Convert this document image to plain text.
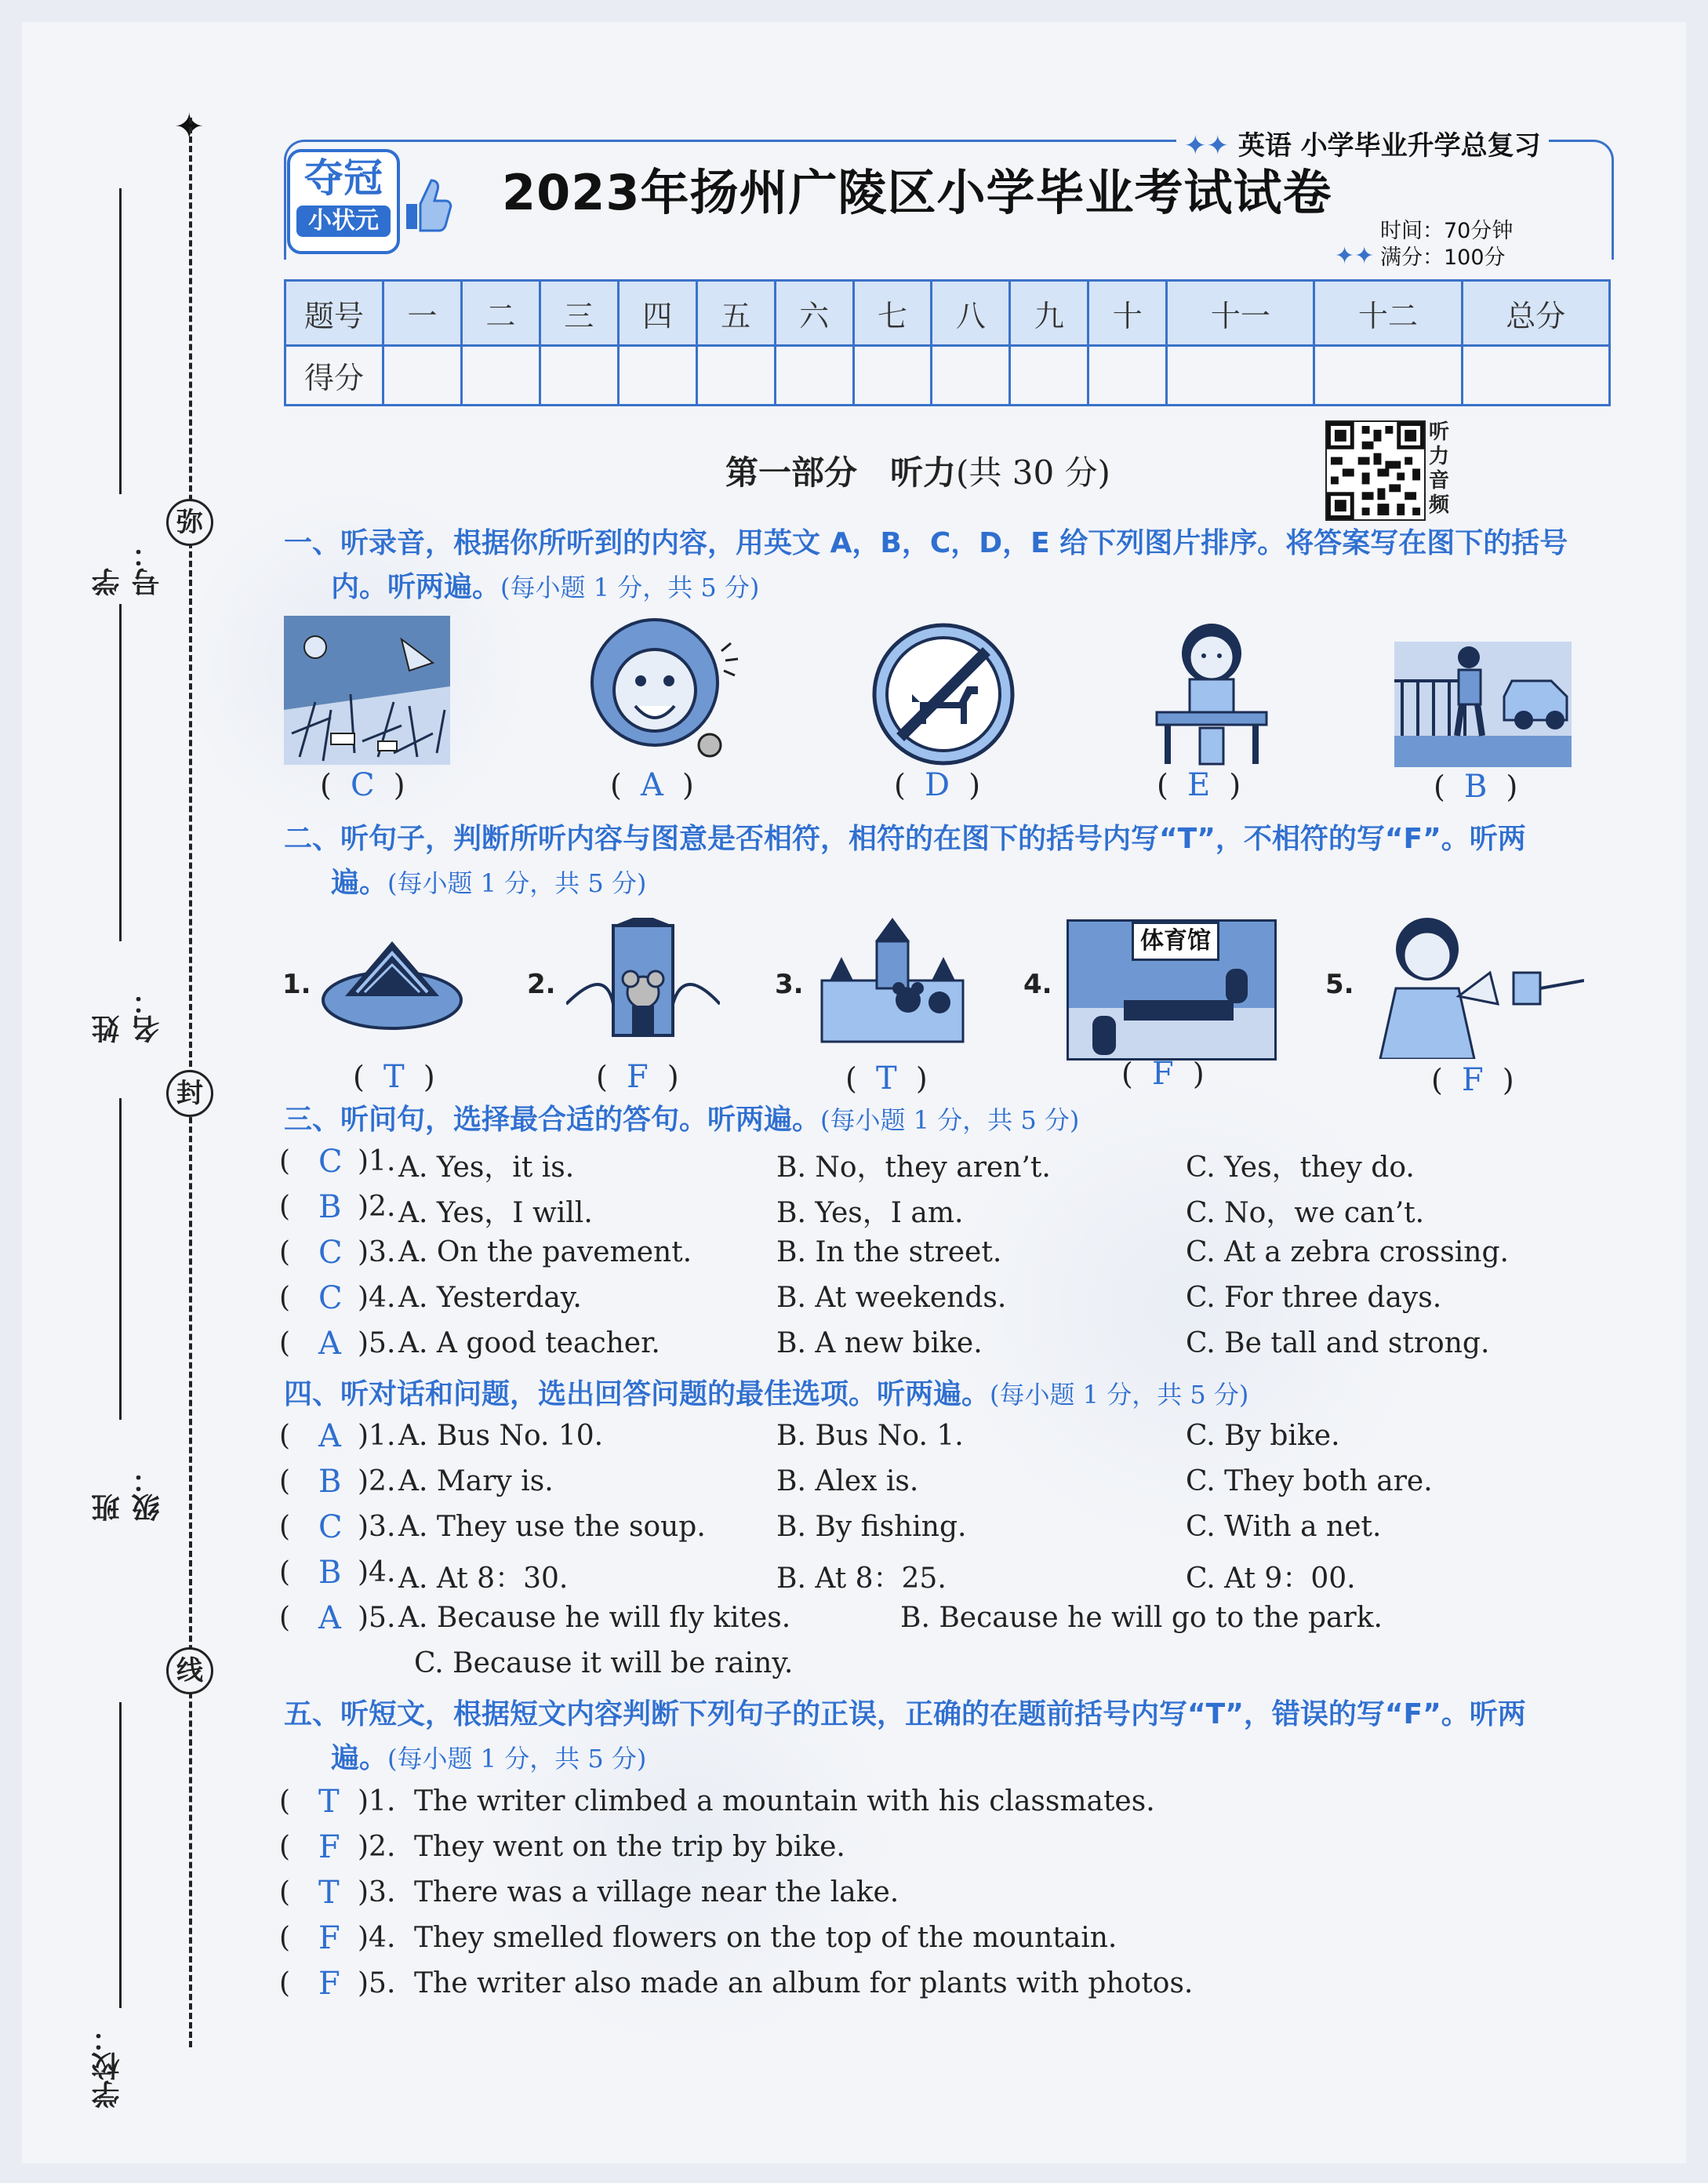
✦
弥
封
线
学号：
姓名：
班级：
学校：
✦✦ 英语 小学毕业升学总复习
夺冠
小状元	2023年扬州广陵区小学毕业考试试卷
✦✦
时间：70分钟
满分：100分
题号	一	二	三	四	五	六	七	八	九	十	十一	十二	总分
得分													
听力音频
第一部分　听力(共 30 分)
一、听录音，根据你所听到的内容，用英文 A，B，C，D，E 给下列图片排序。将答案写在图下的括号
内。听两遍。(每小题 1 分，共 5 分)
(  C  )	(  A  )	(  D  )	(  E  )	(  B  )
二、听句子，判断所听内容与图意是否相符，相符的在图下的括号内写“T”，不相符的写“F”。听两
遍。(每小题 1 分，共 5 分)
1.	2.	3.	4.
体育馆
5.
(  T  )	(  F  )	(  T  )	(  F  )	(  F  )
三、听问句，选择最合适的答句。听两遍。(每小题 1 分，共 5 分)
( C )1. A. Yes，it is.	B. No，they aren’t.	C. Yes，they do.
( B )2. A. Yes，I will.	B. Yes，I am.	C. No，we can’t.
( C )3. A. On the pavement.	B. In the street.	C. At a zebra crossing.
( C )4. A. Yesterday.	B. At weekends.	C. For three days.
( A )5. A. A good teacher.	B. A new bike.	C. Be tall and strong.
四、听对话和问题，选出回答问题的最佳选项。听两遍。(每小题 1 分，共 5 分)
( A )1. A. Bus No. 10.	B. Bus No. 1.	C. By bike.
( B )2. A. Mary is.	B. Alex is.	C. They both are.
( C )3. A. They use the soup.	B. By fishing.	C. With a net.
( B )4. A. At 8：30.	B. At 8：25.	C. At 9：00.
( A )5. A. Because he will fly kites.	B. Because he will go to the park.
C. Because it will be rainy.
五、听短文，根据短文内容判断下列句子的正误，正确的在题前括号内写“T”，错误的写“F”。听两
遍。(每小题 1 分，共 5 分)
( T )1. The writer climbed a mountain with his classmates.
( F )2. They went on the trip by bike.
( T )3. There was a village near the lake.
( F )4. They smelled flowers on the top of the mountain.
( F )5. The writer also made an album for plants with photos.
